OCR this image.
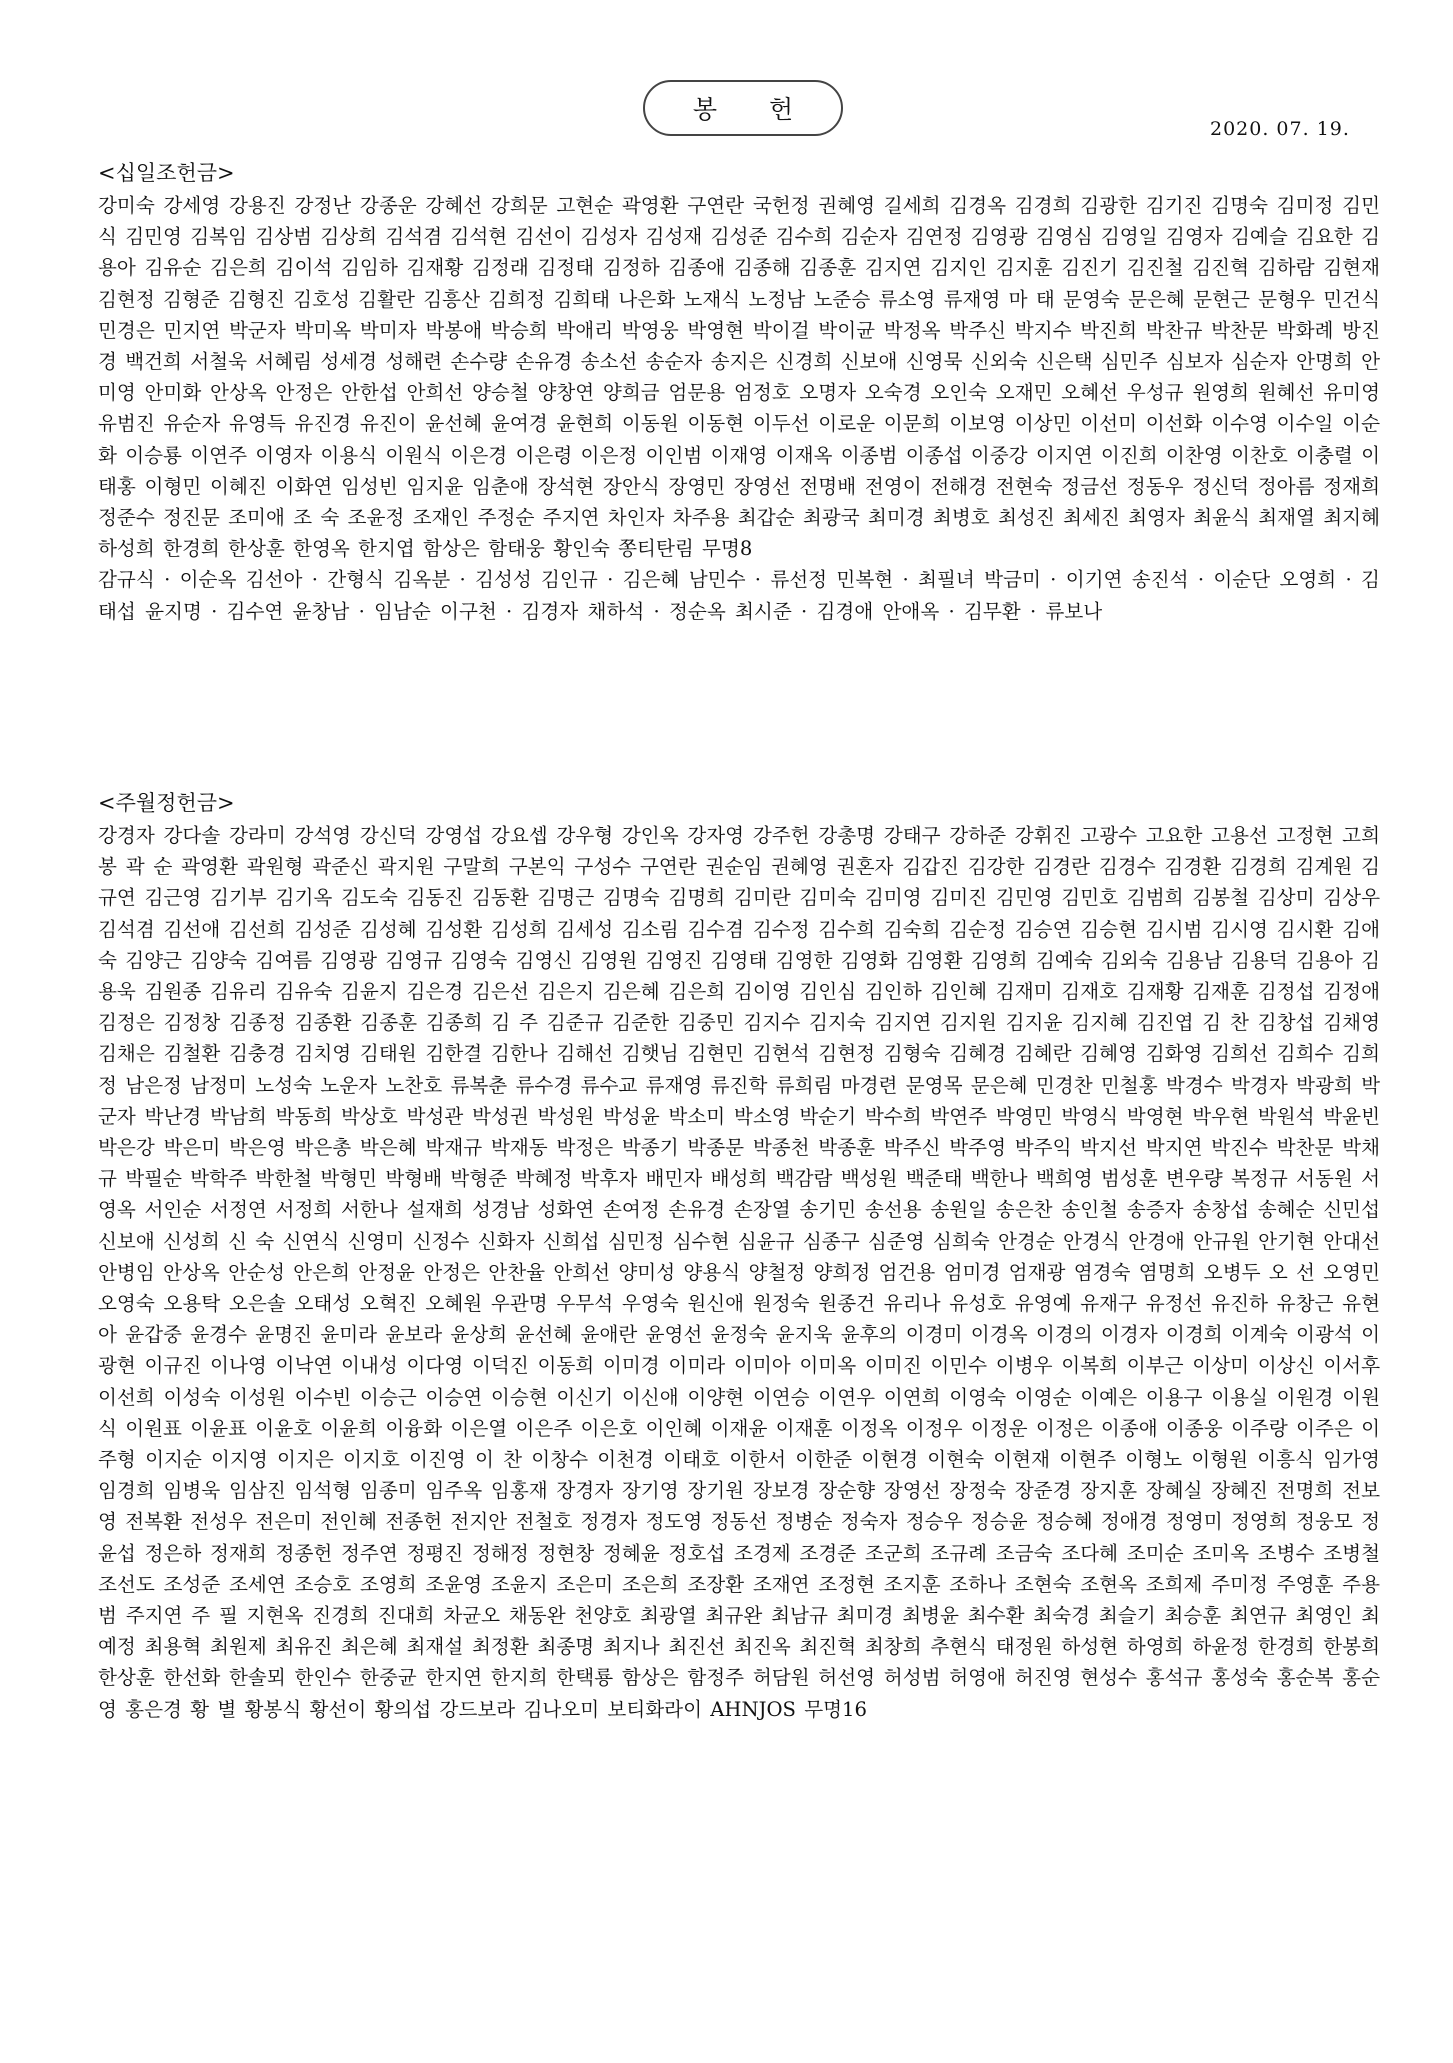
봉 헌
2020. 07. 19.
<십일조헌금>
강미숙 강세영 강용진 강정난 강종운 강혜선 강희문 고현순 곽영환 구연란 국헌정 권혜영 길세희 김경옥 김경희 김광한 김기진 김명숙 김미정 김민식 김민영 김복임 김상범 김상희 김석겸 김석현 김선이 김성자 김성재 김성준 김수희 김순자 김연정 김영광 김영심 김영일 김영자 김예슬 김요한 김용아 김유순 김은희 김이석 김임하 김재황 김정래 김정태 김정하 김종애 김종해 김종훈 김지연 김지인 김지훈 김진기 김진철 김진혁 김하람 김현재 김현정 김형준 김형진 김호성 김활란 김흥산 김희정 김희태 나은화 노재식 노정남 노준승 류소영 류재영 마 태 문영숙 문은혜 문현근 문형우 민건식 민경은 민지연 박군자 박미옥 박미자 박봉애 박승희 박애리 박영웅 박영현 박이걸 박이균 박정옥 박주신 박지수 박진희 박찬규 박찬문 박화례 방진경 백건희 서철욱 서혜림 성세경 성해련 손수량 손유경 송소선 송순자 송지은 신경희 신보애 신영묵 신외숙 신은택 심민주 심보자 심순자 안명희 안미영 안미화 안상옥 안정은 안한섭 안희선 양승철 양창연 양희금 엄문용 엄정호 오명자 오숙경 오인숙 오재민 오혜선 우성규 원영희 원혜선 유미영 유범진 유순자 유영득 유진경 유진이 윤선혜 윤여경 윤현희 이동원 이동현 이두선 이로운 이문희 이보영 이상민 이선미 이선화 이수영 이수일 이순화 이승룡 이연주 이영자 이용식 이원식 이은경 이은령 이은정 이인범 이재영 이재옥 이종범 이종섭 이중강 이지연 이진희 이찬영 이찬호 이충렬 이태홍 이형민 이혜진 이화연 임성빈 임지윤 임춘애 장석현 장안식 장영민 장영선 전명배 전영이 전해경 전현숙 정금선 정동우 정신덕 정아름 정재희 정준수 정진문 조미애 조 숙 조윤정 조재인 주정순 주지연 차인자 차주용 최갑순 최광국 최미경 최병호 최성진 최세진 최영자 최윤식 최재열 최지혜 하성희 한경희 한상훈 한영옥 한지엽 함상은 함태웅 황인숙 쫑티탄림 무명8
감규식 · 이순옥 김선아 · 간형식 김옥분 · 김성성 김인규 · 김은혜 남민수 · 류선정 민복현 · 최필녀 박금미 · 이기연 송진석 · 이순단 오영희 · 김태섭 윤지명 · 김수연 윤창남 · 임남순 이구천 · 김경자 채하석 · 정순옥 최시준 · 김경애 안애옥 · 김무환 · 류보나
<주월정헌금>
강경자 강다솔 강라미 강석영 강신덕 강영섭 강요셉 강우형 강인옥 강자영 강주헌 강총명 강태구 강하준 강휘진 고광수 고요한 고용선 고정현 고희봉 곽 순 곽영환 곽원형 곽준신 곽지원 구말희 구본익 구성수 구연란 권순임 권혜영 권혼자 김갑진 김강한 김경란 김경수 김경환 김경희 김계원 김규연 김근영 김기부 김기옥 김도숙 김동진 김동환 김명근 김명숙 김명희 김미란 김미숙 김미영 김미진 김민영 김민호 김범희 김봉철 김상미 김상우 김석겸 김선애 김선희 김성준 김성혜 김성환 김성희 김세성 김소림 김수겸 김수정 김수희 김숙희 김순정 김승연 김승현 김시범 김시영 김시환 김애숙 김양근 김양숙 김여름 김영광 김영규 김영숙 김영신 김영원 김영진 김영태 김영한 김영화 김영환 김영희 김예숙 김외숙 김용남 김용덕 김용아 김용욱 김원종 김유리 김유숙 김윤지 김은경 김은선 김은지 김은혜 김은희 김이영 김인심 김인하 김인혜 김재미 김재호 김재황 김재훈 김정섭 김정애 김정은 김정창 김종정 김종환 김종훈 김종희 김 주 김준규 김준한 김중민 김지수 김지숙 김지연 김지원 김지윤 김지혜 김진엽 김 찬 김창섭 김채영 김채은 김철환 김충경 김치영 김태원 김한결 김한나 김해선 김햇님 김현민 김현석 김현정 김형숙 김혜경 김혜란 김혜영 김화영 김희선 김희수 김희정 남은정 남정미 노성숙 노운자 노찬호 류복춘 류수경 류수교 류재영 류진학 류희림 마경련 문영목 문은혜 민경찬 민철홍 박경수 박경자 박광희 박군자 박난경 박남희 박동희 박상호 박성관 박성권 박성원 박성윤 박소미 박소영 박순기 박수희 박연주 박영민 박영식 박영현 박우현 박원석 박윤빈 박은강 박은미 박은영 박은총 박은혜 박재규 박재동 박정은 박종기 박종문 박종천 박종훈 박주신 박주영 박주익 박지선 박지연 박진수 박찬문 박채규 박필순 박학주 박한철 박형민 박형배 박형준 박혜정 박후자 배민자 배성희 백감람 백성원 백준태 백한나 백희영 범성훈 변우량 복정규 서동원 서영옥 서인순 서정연 서정희 서한나 설재희 성경남 성화연 손여정 손유경 손장열 송기민 송선용 송원일 송은찬 송인철 송증자 송창섭 송혜순 신민섭 신보애 신성희 신 숙 신연식 신영미 신정수 신화자 신희섭 심민정 심수현 심윤규 심종구 심준영 심희숙 안경순 안경식 안경애 안규원 안기현 안대선 안병임 안상옥 안순성 안은희 안정윤 안정은 안찬율 안희선 양미성 양용식 양철정 양희정 엄건용 엄미경 엄재광 염경숙 염명희 오병두 오 선 오영민 오영숙 오용탁 오은솔 오태성 오혁진 오혜원 우관명 우무석 우영숙 원신애 원정숙 원종건 유리나 유성호 유영예 유재구 유정선 유진하 유창근 유현아 윤갑중 윤경수 윤명진 윤미라 윤보라 윤상희 윤선혜 윤애란 윤영선 윤정숙 윤지욱 윤후의 이경미 이경옥 이경의 이경자 이경희 이계숙 이광석 이광현 이규진 이나영 이낙연 이내성 이다영 이덕진 이동희 이미경 이미라 이미아 이미옥 이미진 이민수 이병우 이복희 이부근 이상미 이상신 이서후 이선희 이성숙 이성원 이수빈 이승근 이승연 이승현 이신기 이신애 이양현 이연승 이연우 이연희 이영숙 이영순 이예은 이용구 이용실 이원경 이원식 이원표 이윤표 이윤호 이윤희 이융화 이은열 이은주 이은호 이인혜 이재윤 이재훈 이정옥 이정우 이정운 이정은 이종애 이종웅 이주랑 이주은 이주형 이지순 이지영 이지은 이지호 이진영 이 찬 이창수 이천경 이태호 이한서 이한준 이현경 이현숙 이현재 이현주 이형노 이형원 이흥식 임가영 임경희 임병욱 임삼진 임석형 임종미 임주옥 임홍재 장경자 장기영 장기원 장보경 장순향 장영선 장정숙 장준경 장지훈 장혜실 장혜진 전명희 전보영 전복환 전성우 전은미 전인혜 전종헌 전지안 전철호 정경자 정도영 정동선 정병순 정숙자 정승우 정승윤 정승혜 정애경 정영미 정영희 정웅모 정윤섭 정은하 정재희 정종헌 정주연 정평진 정해정 정현창 정혜윤 정호섭 조경제 조경준 조군희 조규례 조금숙 조다혜 조미순 조미옥 조병수 조병철 조선도 조성준 조세연 조승호 조영희 조윤영 조윤지 조은미 조은희 조장환 조재연 조정현 조지훈 조하나 조현숙 조현옥 조희제 주미정 주영훈 주용범 주지연 주 필 지현옥 진경희 진대희 차균오 채동완 천양호 최광열 최규완 최남규 최미경 최병윤 최수환 최숙경 최슬기 최승훈 최연규 최영인 최예정 최용혁 최원제 최유진 최은혜 최재설 최정환 최종명 최지나 최진선 최진옥 최진혁 최창희 추현식 태정원 하성현 하영희 하윤정 한경희 한봉희 한상훈 한선화 한솔뫼 한인수 한중균 한지연 한지희 한택룡 함상은 함정주 허담원 허선영 허성범 허영애 허진영 현성수 홍석규 홍성숙 홍순복 홍순영 홍은경 황 별 황봉식 황선이 황의섭 강드보라 김나오미 보티화라이 AHNJOS 무명16
